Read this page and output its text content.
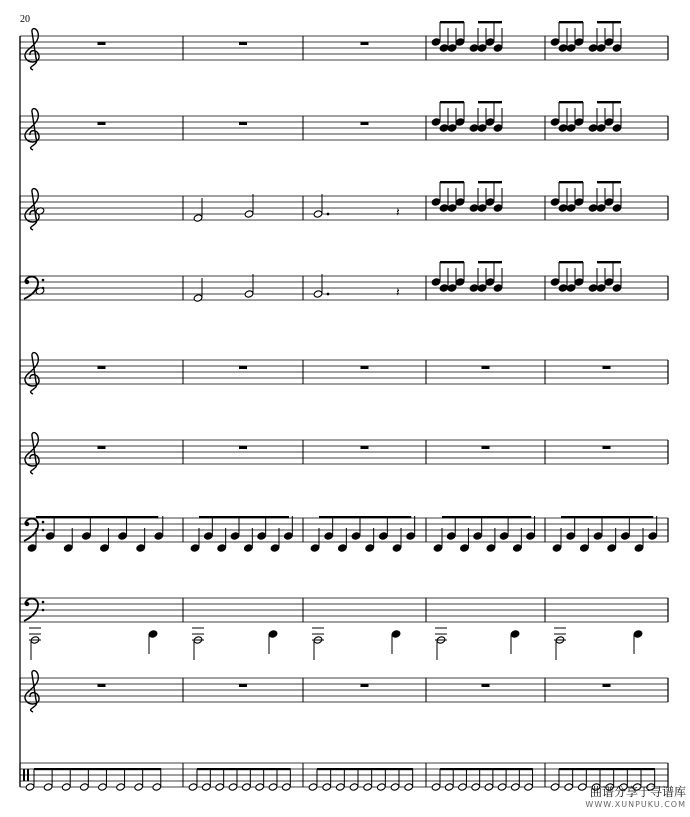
20
𝄽
𝄽
曲谱分享于寻谱库
WWW.XUNPUKU.COM
